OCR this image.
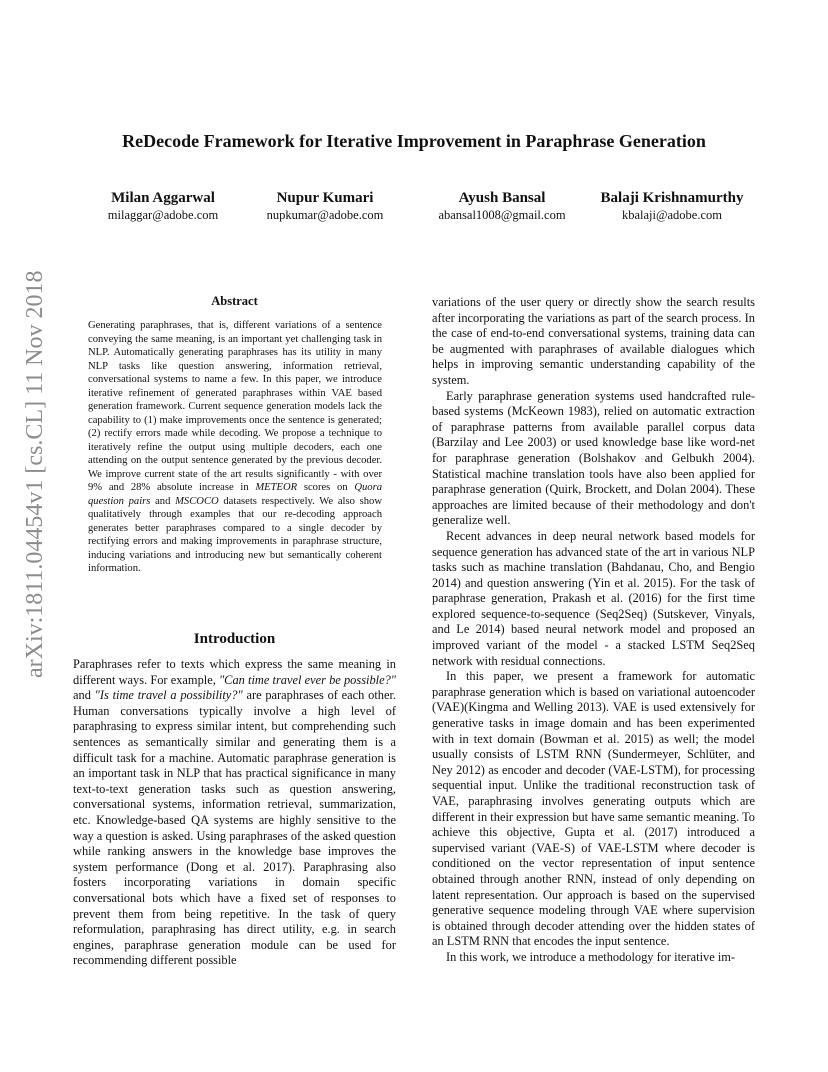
arXiv:1811.04454v1 [cs.CL] 11 Nov 2018
ReDecode Framework for Iterative Improvement in Paraphrase Generation
Milan Aggarwal
milaggar@adobe.com
Nupur Kumari
nupkumar@adobe.com
Ayush Bansal
abansal1008@gmail.com
Balaji Krishnamurthy
kbalaji@adobe.com
Abstract
Generating paraphrases, that is, different variations of a sentence conveying the same meaning, is an important yet challenging task in NLP. Automatically generating paraphrases has its utility in many NLP tasks like question answering, information retrieval, conversational systems to name a few. In this paper, we introduce iterative refinement of generated paraphrases within VAE based generation framework. Current sequence generation models lack the capability to (1) make improvements once the sentence is generated; (2) rectify errors made while decoding. We propose a technique to iteratively refine the output using multiple decoders, each one attending on the output sentence generated by the previous decoder. We improve current state of the art results significantly - with over 9% and 28% absolute increase in METEOR scores on Quora question pairs and MSCOCO datasets respectively. We also show qualitatively through examples that our re-decoding approach generates better paraphrases compared to a single decoder by rectifying errors and making improvements in paraphrase structure, inducing variations and introducing new but semantically coherent information.
Introduction

Paraphrases refer to texts which express the same meaning in different ways. For example, "Can time travel ever be possible?" and "Is time travel a possibility?" are paraphrases of each other. Human conversations typically involve a high level of paraphrasing to express similar intent, but comprehending such sentences as semantically similar and generating them is a difficult task for a machine. Automatic paraphrase generation is an important task in NLP that has practical significance in many text-to-text generation tasks such as question answering, conversational systems, information retrieval, summarization, etc. Knowledge-based QA systems are highly sensitive to the way a question is asked. Using paraphrases of the asked question while ranking answers in the knowledge base improves the system performance (Dong et al. 2017). Paraphrasing also fosters incorporating variations in domain specific conversational bots which have a fixed set of responses to prevent them from being repetitive. In the task of query reformulation, paraphrasing has direct utility, e.g. in search engines, paraphrase generation module can be used for recommending different possible

variations of the user query or directly show the search results after incorporating the variations as part of the search process. In the case of end-to-end conversational systems, training data can be augmented with paraphrases of available dialogues which helps in improving semantic understanding capability of the system.

Early paraphrase generation systems used handcrafted rule-based systems (McKeown 1983), relied on automatic extraction of paraphrase patterns from available parallel corpus data (Barzilay and Lee 2003) or used knowledge base like word-net for paraphrase generation (Bolshakov and Gelbukh 2004). Statistical machine translation tools have also been applied for paraphrase generation (Quirk, Brockett, and Dolan 2004). These approaches are limited because of their methodology and don't generalize well.

Recent advances in deep neural network based models for sequence generation has advanced state of the art in various NLP tasks such as machine translation (Bahdanau, Cho, and Bengio 2014) and question answering (Yin et al. 2015). For the task of paraphrase generation, Prakash et al. (2016) for the first time explored sequence-to-sequence (Seq2Seq) (Sutskever, Vinyals, and Le 2014) based neural network model and proposed an improved variant of the model - a stacked LSTM Seq2Seq network with residual connections.

In this paper, we present a framework for automatic paraphrase generation which is based on variational autoencoder (VAE)(Kingma and Welling 2013). VAE is used extensively for generative tasks in image domain and has been experimented with in text domain (Bowman et al. 2015) as well; the model usually consists of LSTM RNN (Sundermeyer, Schlüter, and Ney 2012) as encoder and decoder (VAE-LSTM), for processing sequential input. Unlike the traditional reconstruction task of VAE, paraphrasing involves generating outputs which are different in their expression but have same semantic meaning. To achieve this objective, Gupta et al. (2017) introduced a supervised variant (VAE-S) of VAE-LSTM where decoder is conditioned on the vector representation of input sentence obtained through another RNN, instead of only depending on latent representation. Our approach is based on the supervised generative sequence modeling through VAE where supervision is obtained through decoder attending over the hidden states of an LSTM RNN that encodes the input sentence.

In this work, we introduce a methodology for iterative im-
